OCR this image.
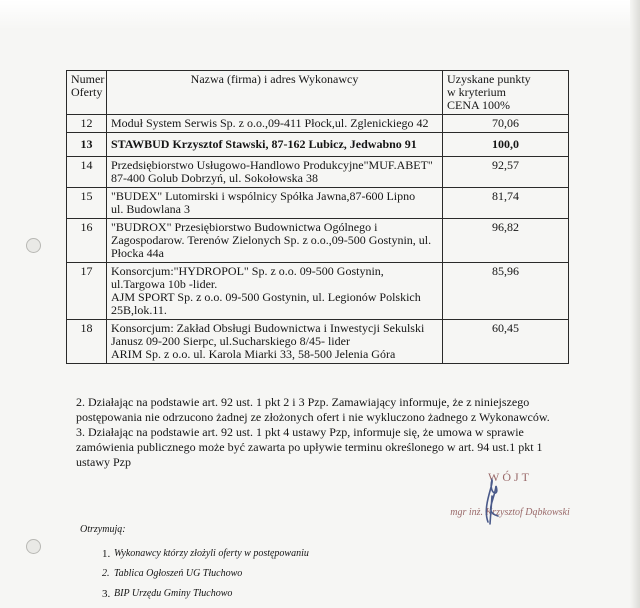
Numer
Oferty	Nazwa (firma) i adres Wykonawcy	Uzyskane punkty
w kryterium
CENA 100%
12	Moduł System Serwis Sp. z o.o.,09-411 Płock,ul. Zglenickiego 42	70,06
13	STAWBUD Krzysztof Stawski, 87-162 Lubicz, Jedwabno 91	100,0
14	Przedsiębiorstwo Usługowo-Handlowo Produkcyjne"MUF.ABET"
87-400 Golub Dobrzyń, ul. Sokołowska 38	92,57
15	"BUDEX" Lutomirski i wspólnicy Spółka Jawna,87-600 Lipno
ul. Budowlana 3	81,74
16	"BUDROX" Przesiębiorstwo Budownictwa Ogólnego i
Zagospodarow. Terenów Zielonych Sp. z o.o.,09-500 Gostynin, ul.
Płocka 44a	96,82
17	Konsorcjum:"HYDROPOL" Sp. z o.o. 09-500 Gostynin,
ul.Targowa 10b -lider.
AJM SPORT Sp. z o.o. 09-500 Gostynin, ul. Legionów Polskich
25B,lok.11.	85,96
18	Konsorcjum: Zakład Obsługi Budownictwa i Inwestycji Sekulski
Janusz 09-200 Sierpc, ul.Sucharskiego 8/45- lider
ARIM Sp. z o.o. ul. Karola Miarki 33, 58-500 Jelenia Góra	60,45

2. Działając na podstawie art. 92 ust. 1 pkt 2 i 3 Pzp. Zamawiający informuje, że z niniejszego postępowania nie odrzucono żadnej ze złożonych ofert i nie wykluczono żadnego z Wykonawców.

3. Działając na podstawie art. 92 ust. 1 pkt 4 ustawy Pzp, informuje się, że umowa w sprawie zamówienia publicznego może być zawarta po upływie terminu określonego w art. 94 ust.1 pkt 1 ustawy Pzp

WÓJT
mgr inż. Krzysztof Dąbkowski
Otrzymują:
1. Wykonawcy którzy złożyli oferty w postępowaniu
2. Tablica Ogłoszeń UG Tłuchowo
3. BIP Urzędu Gminy Tłuchowo
